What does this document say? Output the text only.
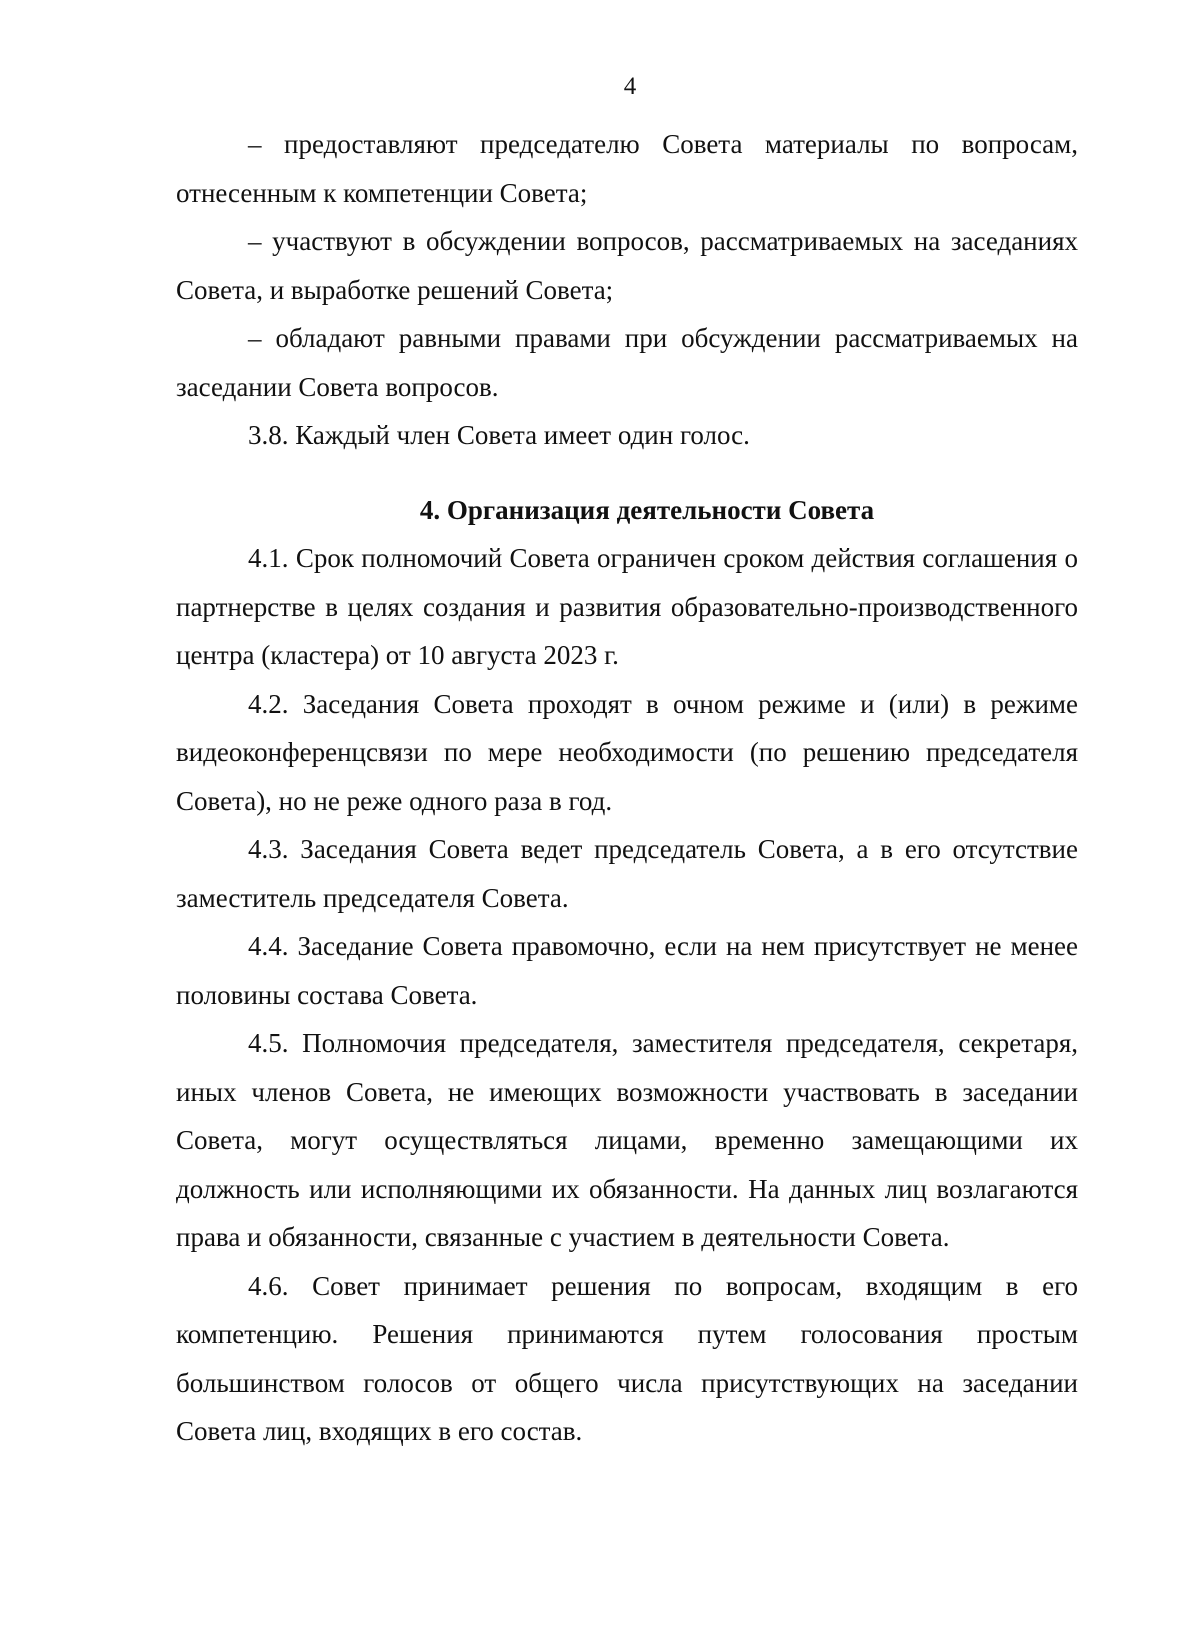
4

– предоставляют председателю Совета материалы по вопросам, отнесенным к компетенции Совета;

– участвуют в обсуждении вопросов, рассматриваемых на заседаниях Совета, и выработке решений Совета;

– обладают равными правами при обсуждении рассматриваемых на заседании Совета вопросов.

3.8. Каждый член Совета имеет один голос.

4. Организация деятельности Совета

4.1. Срок полномочий Совета ограничен сроком действия соглашения о партнерстве в целях создания и развития образовательно-производственного центра (кластера) от 10 августа 2023 г.

4.2. Заседания Совета проходят в очном режиме и (или) в режиме видеоконференцсвязи по мере необходимости (по решению председателя Совета), но не реже одного раза в год.

4.3. Заседания Совета ведет председатель Совета, а в его отсутствие заместитель председателя Совета.

4.4. Заседание Совета правомочно, если на нем присутствует не менее половины состава Совета.

4.5. Полномочия председателя, заместителя председателя, секретаря, иных членов Совета, не имеющих возможности участвовать в заседании Совета, могут осуществляться лицами, временно замещающими их должность или исполняющими их обязанности. На данных лиц возлагаются права и обязанности, связанные с участием в деятельности Совета.

4.6. Совет принимает решения по вопросам, входящим в его компетенцию. Решения принимаются путем голосования простым большинством голосов от общего числа присутствующих на заседании Совета лиц, входящих в его состав.
